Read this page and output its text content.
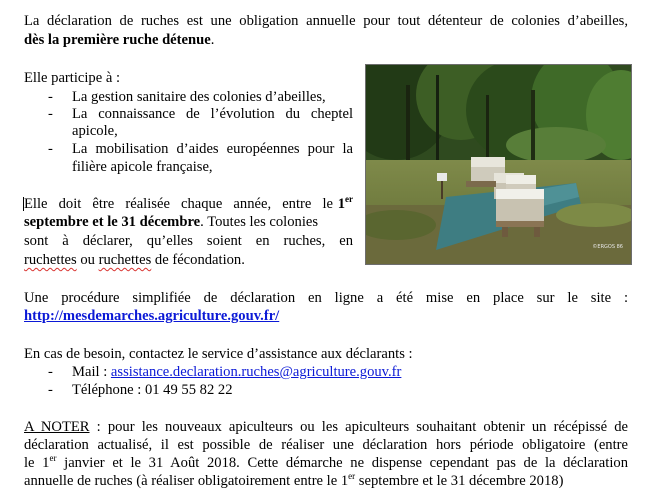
La déclaration de ruches est une obligation annuelle pour tout détenteur de colonies d’abeilles,
dès la première ruche détenue.
Elle participe à :
- La gestion sanitaire des colonies d’abeilles,
- La connaissance de l’évolution du cheptel
apicole,
- La mobilisation d’aides européennes pour la
filière apicole française,
Elle doit être réalisée chaque année, entre le 1er
septembre et le 31 décembre. Toutes les colonies
sont à déclarer, qu’elles soient en ruches, en
ruchettes ou ruchettes de fécondation.
©ERGOS 86
Une procédure simplifiée de déclaration en ligne a été mise en place sur le site :
http://mesdemarches.agriculture.gouv.fr/
En cas de besoin, contactez le service d’assistance aux déclarants :
- Mail : assistance.declaration.ruches@agriculture.gouv.fr
- Téléphone : 01 49 55 82 22
A NOTER : pour les nouveaux apiculteurs ou les apiculteurs souhaitant obtenir un récépissé de
déclaration actualisé, il est possible de réaliser une déclaration hors période obligatoire (entre
le 1er janvier et le 31 Août 2018. Cette démarche ne dispense cependant pas de la déclaration
annuelle de ruches (à réaliser obligatoirement entre le 1er septembre et le 31 décembre 2018)
